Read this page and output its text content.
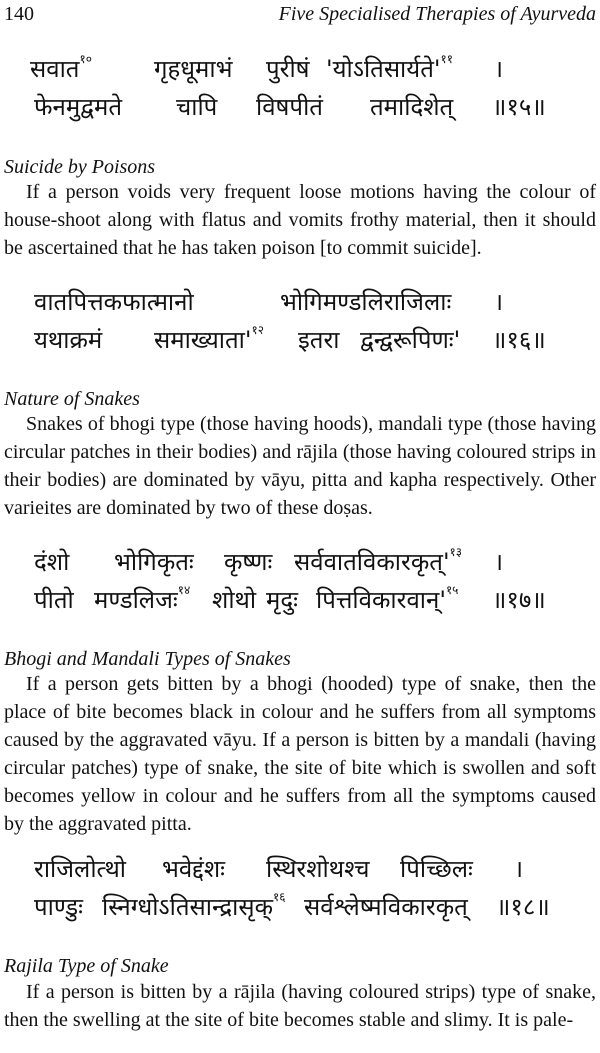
140	Five Specialised Therapies of Ayurveda
सवात$^{१०}$	गृहधूमाभं पुरीषं '$योऽतिसार्यते'^{११}$ ।
फेनमुद्वमते चापि विषपीतं तमादिशेत् ॥१५॥
Suicide by Poisons

If a person voids very frequent loose motions having the colour of house-shoot along with flatus and vomits frothy material, then it should be ascertained that he has taken poison [to commit suicide].

वातपित्तकफात्मानो	भोगिमण्डलिराजिलाः ।
यथाक्रमं $समाख्याता'^{१२}$ इतरा द्वन्द्वरूपिणः' ॥१६॥
Nature of Snakes

Snakes of bhogi type (those having hoods), mandali type (those having circular patches in their bodies) and rājila (those having coloured strips in their bodies) are dominated by vāyu, pitta and kapha respectively. Other varieites are dominated by two of these doṣas.

दंशो भोगिकृतः कृष्णः $सर्ववातविकारकृत्'^{१३}$ ।
पीतो मण्डलिजः$^{१४}$ शोथो मृदुः $पित्तविकारवान्'^{१५}$ ॥१७॥
Bhogi and Mandali Types of Snakes

If a person gets bitten by a bhogi (hooded) type of snake, then the place of bite becomes black in colour and he suffers from all symptoms caused by the aggravated vāyu. If a person is bitten by a mandali (having circular patches) type of snake, the site of bite which is swollen and soft becomes yellow in colour and he suffers from all the symptoms caused by the aggravated pitta.

राजिलोत्थो भवेद्दंशः स्थिरशोथश्च पिच्छिलः ।
पाण्डुः स्निग्धोऽतिसान्द्रासृक्$^{१६}$ सर्वश्लेष्मविकारकृत् ॥१८॥
Rajila Type of Snake

If a person is bitten by a rājila (having coloured strips) type of snake, then the swelling at the site of bite becomes stable and slimy. It is pale-
